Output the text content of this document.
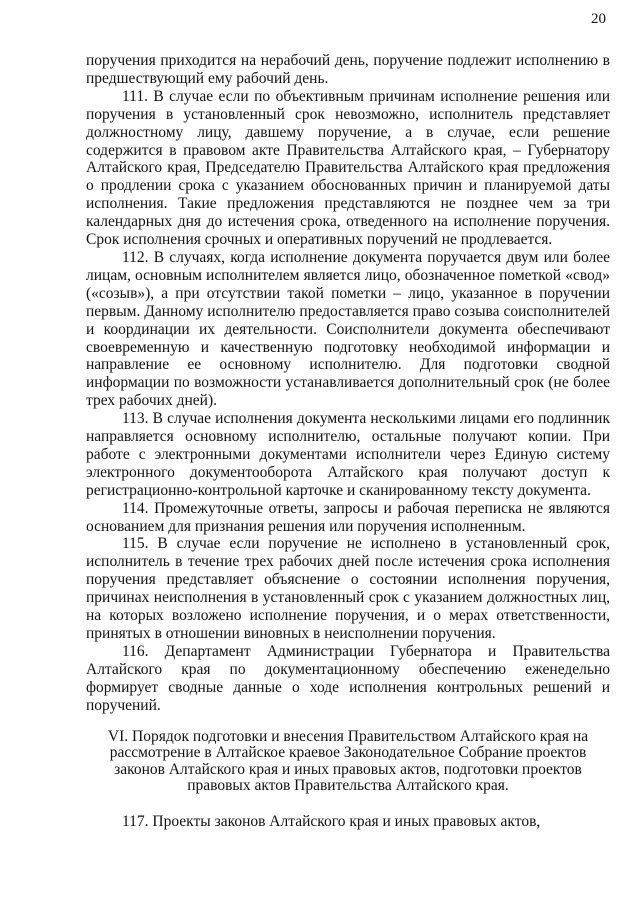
20

поручения приходится на нерабочий день, поручение подлежит исполнению в предшествующий ему рабочий день.

111. В случае если по объективным причинам исполнение решения или поручения в установленный срок невозможно, исполнитель представляет должностному лицу, давшему поручение, а в случае, если решение содержится в правовом акте Правительства Алтайского края, – Губернатору Алтайского края, Председателю Правительства Алтайского края предложения о продлении срока с указанием обоснованных причин и планируемой даты исполнения. Такие предложения представляются не позднее чем за три календарных дня до истечения срока, отведенного на исполнение поручения. Срок исполнения срочных и оперативных поручений не продлевается.

112. В случаях, когда исполнение документа поручается двум или более лицам, основным исполнителем является лицо, обозначенное пометкой «свод» («созыв»), а при отсутствии такой пометки – лицо, указанное в поручении первым. Данному исполнителю предоставляется право созыва соисполнителей и координации их деятельности. Соисполнители документа обеспечивают своевременную и качественную подготовку необходимой информации и направление ее основному исполнителю. Для подготовки сводной информации по возможности устанавливается дополнительный срок (не более трех рабочих дней).

113. В случае исполнения документа несколькими лицами его подлинник направляется основному исполнителю, остальные получают копии. При работе с электронными документами исполнители через Единую систему электронного документооборота Алтайского края получают доступ к регистрационно-контрольной карточке и сканированному тексту документа.

114. Промежуточные ответы, запросы и рабочая переписка не являются основанием для признания решения или поручения исполненным.

115. В случае если поручение не исполнено в установленный срок, исполнитель в течение трех рабочих дней после истечения срока исполнения поручения представляет объяснение о состоянии исполнения поручения, причинах неисполнения в установленный срок с указанием должностных лиц, на которых возложено исполнение поручения, и о мерах ответственности, принятых в отношении виновных в неисполнении поручения.

116. Департамент Администрации Губернатора и Правительства Алтайского края по документационному обеспечению еженедельно формирует сводные данные о ходе исполнения контрольных решений и поручений.

VI. Порядок подготовки и внесения Правительством Алтайского края на
рассмотрение в Алтайское краевое Законодательное Собрание проектов
законов Алтайского края и иных правовых актов, подготовки проектов
правовых актов Правительства Алтайского края.

117. Проекты законов Алтайского края и иных правовых актов,
